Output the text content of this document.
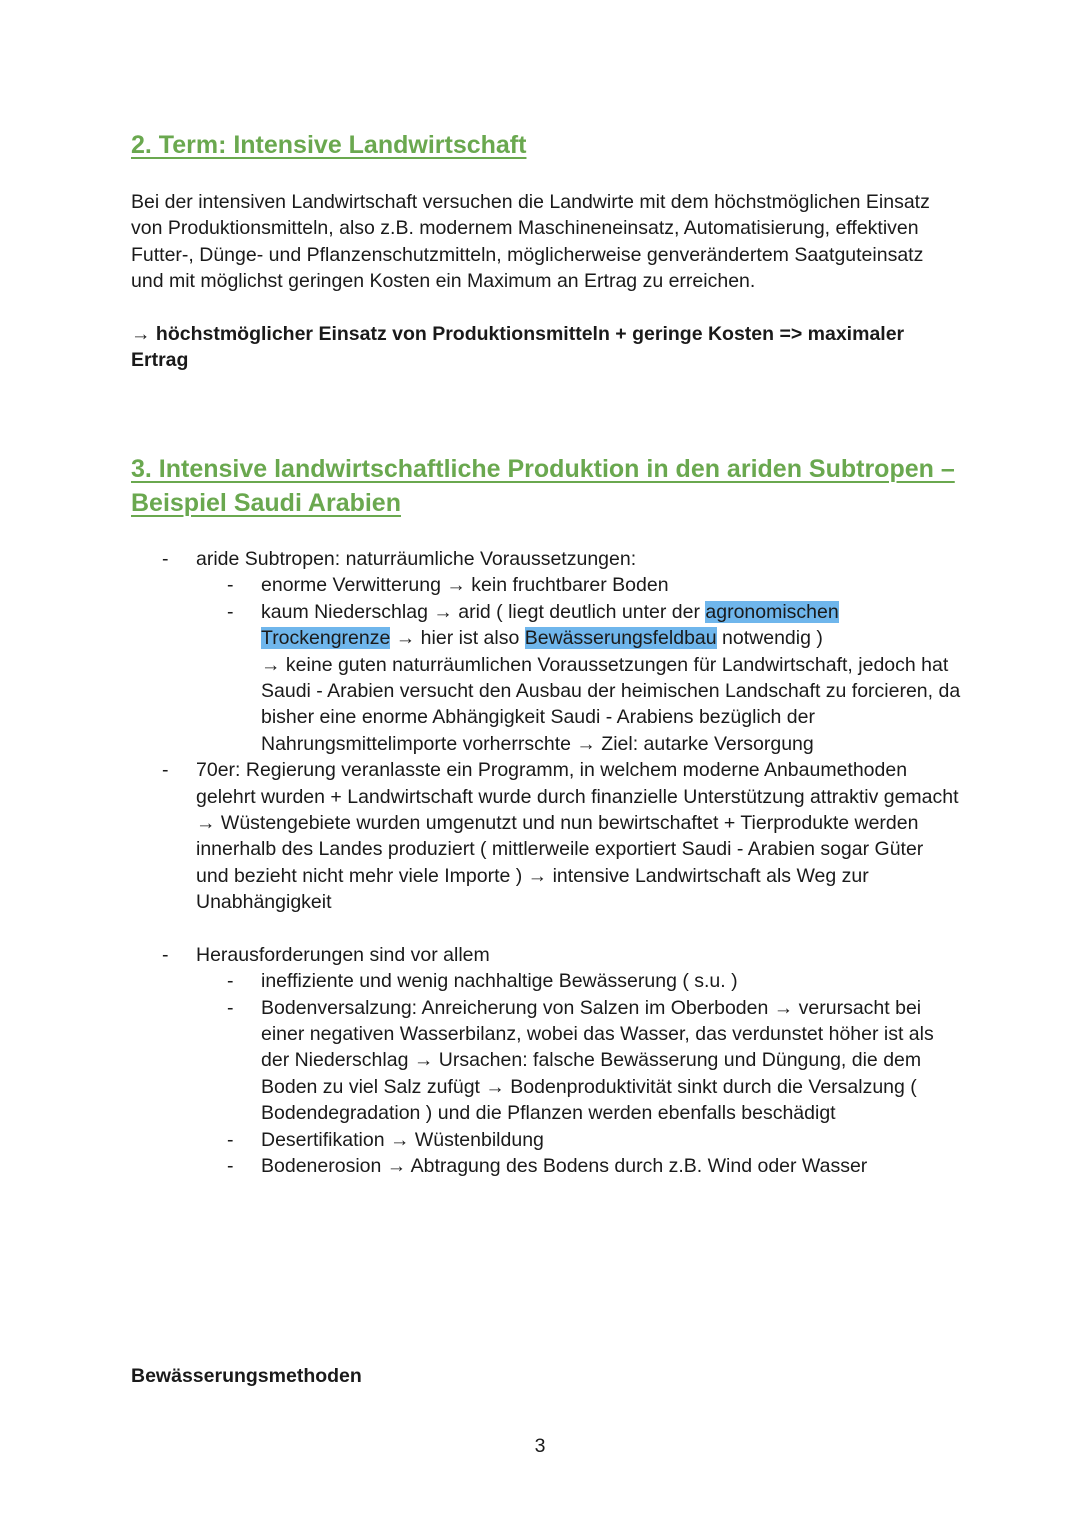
2. Term: Intensive Landwirtschaft

Bei der intensiven Landwirtschaft versuchen die Landwirte mit dem höchstmöglichen Einsatz von Produktionsmitteln, also z.B. modernem Maschineneinsatz, Automatisierung, effektiven Futter-, Dünge- und Pflanzenschutzmitteln, möglicherweise genverändertem Saatguteinsatz und mit möglichst geringen Kosten ein Maximum an Ertrag zu erreichen.

→ höchstmöglicher Einsatz von Produktionsmitteln + geringe Kosten => maximaler Ertrag

3. Intensive landwirtschaftliche Produktion in den ariden Subtropen – Beispiel Saudi Arabien
- aride Subtropen: naturräumliche Voraussetzungen:
- enorme Verwitterung → kein fruchtbarer Boden
- kaum Niederschlag → arid ( liegt deutlich unter der agronomischen Trockengrenze → hier ist also Bewässerungsfeldbau notwendig )
→ keine guten naturräumlichen Voraussetzungen für Landwirtschaft, jedoch hat Saudi - Arabien versucht den Ausbau der heimischen Landschaft zu forcieren, da bisher eine enorme Abhängigkeit Saudi - Arabiens bezüglich der Nahrungsmittelimporte vorherrschte → Ziel: autarke Versorgung
- 70er: Regierung veranlasste ein Programm, in welchem moderne Anbaumethoden gelehrt wurden + Landwirtschaft wurde durch finanzielle Unterstützung attraktiv gemacht → Wüstengebiete wurden umgenutzt und nun bewirtschaftet + Tierprodukte werden innerhalb des Landes produziert ( mittlerweile exportiert Saudi - Arabien sogar Güter und bezieht nicht mehr viele Importe ) → intensive Landwirtschaft als Weg zur Unabhängigkeit
- Herausforderungen sind vor allem
- ineffiziente und wenig nachhaltige Bewässerung ( s.u. )
- Bodenversalzung: Anreicherung von Salzen im Oberboden → verursacht bei einer negativen Wasserbilanz, wobei das Wasser, das verdunstet höher ist als der Niederschlag → Ursachen: falsche Bewässerung und Düngung, die dem Boden zu viel Salz zufügt → Bodenproduktivität sinkt durch die Versalzung ( Bodendegradation ) und die Pflanzen werden ebenfalls beschädigt
- Desertifikation → Wüstenbildung
- Bodenerosion → Abtragung des Bodens durch z.B. Wind oder Wasser

Bewässerungsmethoden

3
